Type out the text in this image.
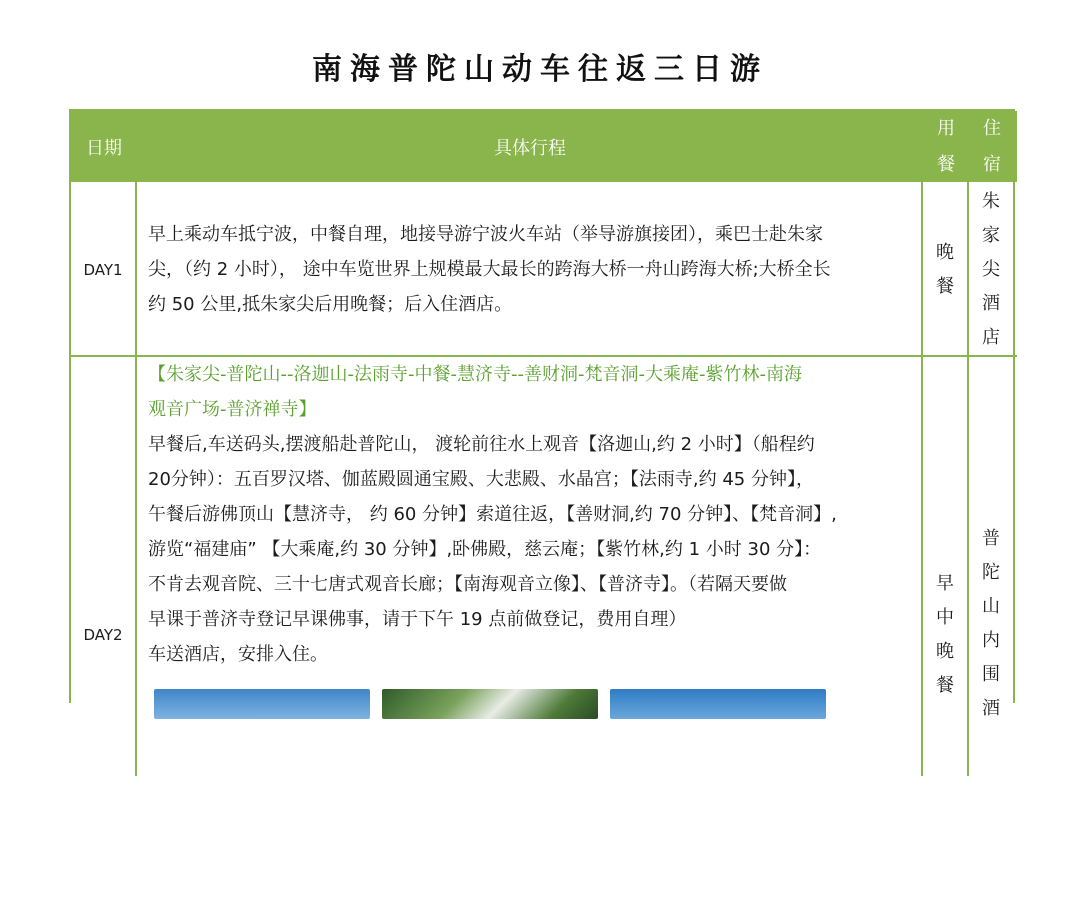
南海普陀山动车往返三日游
日期	具体行程
用
餐
住
宿
DAY1
早上乘动车抵宁波，中餐自理，地接导游宁波火车站（举导游旗接团），乘巴士赴朱家
尖，（约 2 小时）， 途中车览世界上规模最大最长的跨海大桥一舟山跨海大桥;大桥全长
约 50 公里,抵朱家尖后用晚餐；后入住酒店。
晚
餐
朱
家
尖
酒
店
DAY2
【朱家尖-普陀山--洛迦山-法雨寺-中餐-慧济寺--善财洞-梵音洞-大乘庵-紫竹林-南海
观音广场-普济禅寺】
早餐后,车送码头,摆渡船赴普陀山， 渡轮前往水上观音【洛迦山,约 2 小时】（船程约
20分钟）：五百罗汉塔、伽蓝殿圆通宝殿、大悲殿、水晶宫；【法雨寺,约 45 分钟】，
午餐后游佛顶山【慧济寺， 约 60 分钟】索道往返，【善财洞,约 70 分钟】、【梵音洞】,
游览“福建庙” 【大乘庵,约 30 分钟】,卧佛殿，慈云庵；【紫竹林,约 1 小时 30 分】：
不肯去观音院、三十七唐式观音长廊；【南海观音立像】、【普济寺】。（若隔天要做
早课于普济寺登记早课佛事，请于下午 19 点前做登记，费用自理）
车送酒店，安排入住。
早
中
晚
餐
普
陀
山
内
围
酒
